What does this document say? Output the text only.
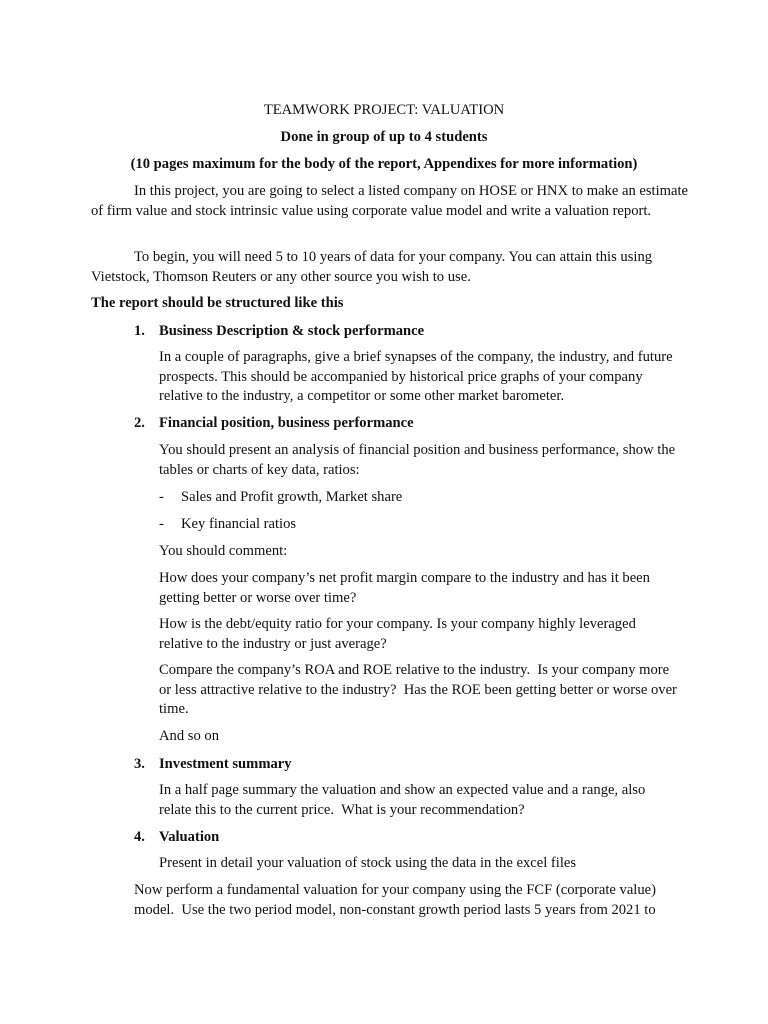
TEAMWORK PROJECT: VALUATION

Done in group of up to 4 students

(10 pages maximum for the body of the report, Appendixes for more information)

In this project, you are going to select a listed company on HOSE or HNX to make an estimate of firm value and stock intrinsic value using corporate value model and write a valuation report.

To begin, you will need 5 to 10 years of data for your company. You can attain this using Vietstock, Thomson Reuters or any other source you wish to use.

The report should be structured like this

1. Business Description & stock performance

In a couple of paragraphs, give a brief synapses of the company, the industry, and future prospects. This should be accompanied by historical price graphs of your company relative to the industry, a competitor or some other market barometer.

2. Financial position, business performance

You should present an analysis of financial position and business performance, show the tables or charts of key data, ratios:

- Sales and Profit growth, Market share
- Key financial ratios

You should comment:

How does your company’s net profit margin compare to the industry and has it been getting better or worse over time?

How is the debt/equity ratio for your company. Is your company highly leveraged relative to the industry or just average?

Compare the company’s ROA and ROE relative to the industry.  Is your company more or less attractive relative to the industry?  Has the ROE been getting better or worse over time.

And so on

3. Investment summary

In a half page summary the valuation and show an expected value and a range, also relate this to the current price.  What is your recommendation?

4. Valuation

Present in detail your valuation of stock using the data in the excel files

Now perform a fundamental valuation for your company using the FCF (corporate value) model.  Use the two period model, non-constant growth period lasts 5 years from 2021 to
